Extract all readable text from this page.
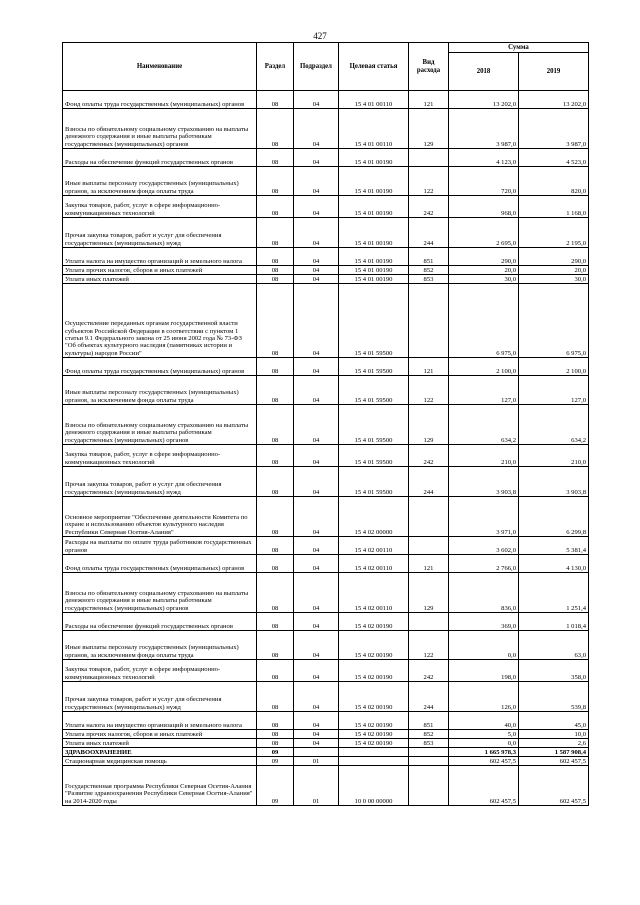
427
Наименование	Раздел	Подраздел	Целевая статья	Вид расхода	Сумма	
					2018	2019
Фонд оплаты труда государственных (муниципальных) органов	08	04	15 4 01 00110	121	13 202,0	13 202,0
Взносы по обязательному социальному страхованию на выплаты денежного содержания и иные выплаты работникам государственных (муниципальных) органов	08	04	15 4 01 00110	129	3 987,0	3 987,0
Расходы на обеспечение функций государственных органов	08	04	15 4 01 00190		4 123,0	4 523,0
Иные выплаты персоналу государственных (муниципальных) органов, за исключением фонда оплаты труда	08	04	15 4 01 00190	122	720,0	820,0
Закупка товаров, работ, услуг в сфере информационно-коммуникационных технологий	08	04	15 4 01 00190	242	968,0	1 168,0
Прочая закупка товаров, работ и услуг для обеспечения государственных (муниципальных) нужд	08	04	15 4 01 00190	244	2 695,0	2 195,0
Уплата налога на имущество организаций и земельного налога	08	04	15 4 01 00190	851	290,0	290,0
Уплата прочих налогов, сборов и иных платежей	08	04	15 4 01 00190	852	20,0	20,0
Уплата иных платежей	08	04	15 4 01 00190	853	30,0	30,0
Осуществление переданных органам государственной власти субъектов Российской Федерации в соответствии с пунктом 1 статьи 9.1 Федерального закона от 25 июня 2002 года № 73-ФЗ "Об объектах культурного наследия (памятниках истории и культуры) народов России"	08	04	15 4 01 59500		6 975,0	6 975,0
Фонд оплаты труда государственных (муниципальных) органов	08	04	15 4 01 59500	121	2 100,0	2 100,0
Иные выплаты персоналу государственных (муниципальных) органов, за исключением фонда оплаты труда	08	04	15 4 01 59500	122	127,0	127,0
Взносы по обязательному социальному страхованию на выплаты денежного содержания и иные выплаты работникам государственных (муниципальных) органов	08	04	15 4 01 59500	129	634,2	634,2
Закупка товаров, работ, услуг в сфере информационно-коммуникационных технологий	08	04	15 4 01 59500	242	210,0	210,0
Прочая закупка товаров, работ и услуг для обеспечения государственных (муниципальных) нужд	08	04	15 4 01 59500	244	3 903,8	3 903,8
Основное мероприятие "Обеспечение деятельности Комитета по охране и использованию объектов культурного наследия Республики Северная Осетия-Алания"	08	04	15 4 02 00000		3 971,0	6 299,8
Расходы на выплаты по оплате труда работников государственных органов	08	04	15 4 02 00110		3 602,0	5 381,4
Фонд оплаты труда государственных (муниципальных) органов	08	04	15 4 02 00110	121	2 766,0	4 130,0
Взносы по обязательному социальному страхованию на выплаты денежного содержания и иные выплаты работникам государственных (муниципальных) органов	08	04	15 4 02 00110	129	836,0	1 251,4
Расходы на обеспечение функций государственных органов	08	04	15 4 02 00190		369,0	1 018,4
Иные выплаты персоналу государственных (муниципальных) органов, за исключением фонда оплаты труда	08	04	15 4 02 00190	122	0,0	63,0
Закупка товаров, работ, услуг в сфере информационно-коммуникационных технологий	08	04	15 4 02 00190	242	198,0	358,0
Прочая закупка товаров, работ и услуг для обеспечения государственных (муниципальных) нужд	08	04	15 4 02 00190	244	126,0	539,8
Уплата налога на имущество организаций и земельного налога	08	04	15 4 02 00190	851	40,0	45,0
Уплата прочих налогов, сборов и иных платежей	08	04	15 4 02 00190	852	5,0	10,0
Уплата иных платежей	08	04	15 4 02 00190	853	0,0	2,6
ЗДРАВООХРАНЕНИЕ	09				1 665 978,3	1 587 908,4
Стационарная медицинская помощь	09	01			602 457,5	602 457,5
Государственная программа Республики Северная Осетия-Алания "Развитие здравоохранения Республики Северная Осетия-Алания" на 2014-2020 годы	09	01	10 0 00 00000		602 457,5	602 457,5
